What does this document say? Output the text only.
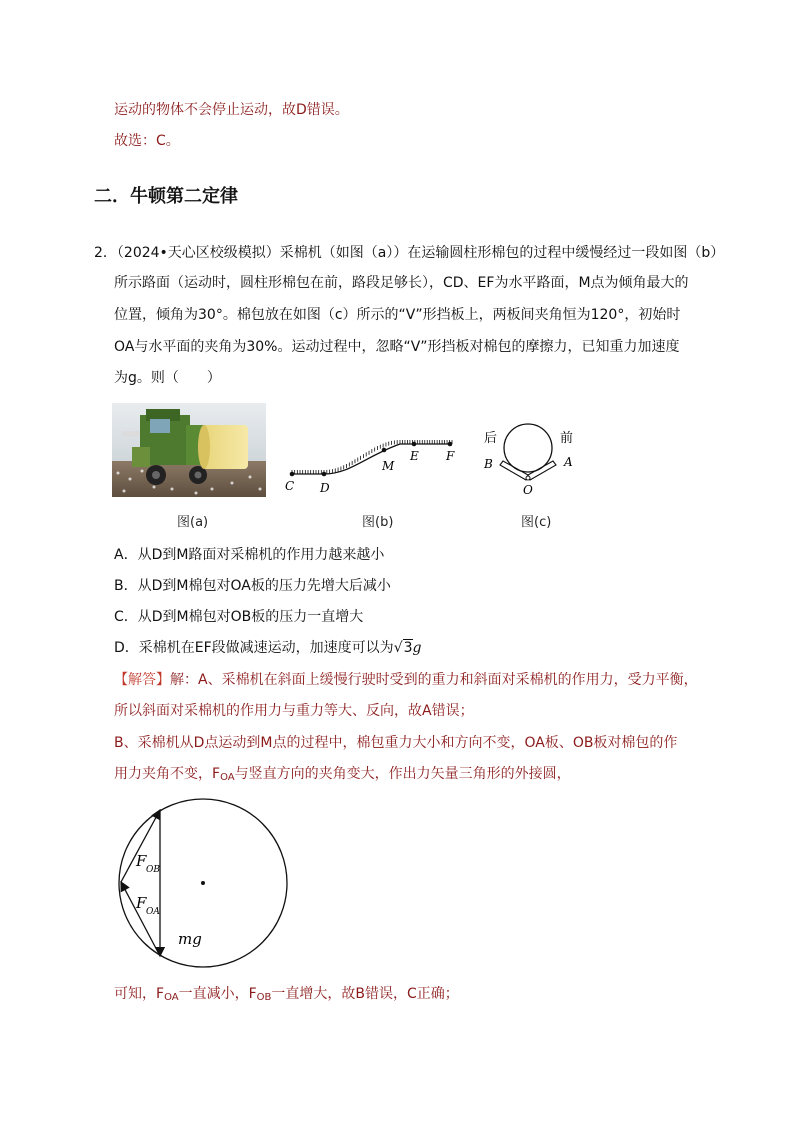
运动的物体不会停止运动，故D错误。
故选：C。
二．牛顿第二定律
2．（2024•天心区校级模拟）采棉机（如图（a））在运输圆柱形棉包的过程中缓慢经过一段如图（b）
所示路面（运动时，圆柱形棉包在前，路段足够长），CD、EF为水平路面，M点为倾角最大的
位置，倾角为30°。棉包放在如图（c）所示的“V”形挡板上，两板间夹角恒为120°，初始时
OA与水平面的夹角为30%。运动过程中，忽略“V”形挡板对棉包的摩擦力，已知重力加速度
为g。则（　　）
图(a)
C D
M
E F
图(b)
后	前
B	A
O
图(c)
A．从D到M路面对采棉机的作用力越来越小
B．从D到M棉包对OA板的压力先增大后减小
C．从D到M棉包对OB板的压力一直增大
D．采棉机在EF段做减速运动，加速度可以为√3g
【解答】解：A、采棉机在斜面上缓慢行驶时受到的重力和斜面对采棉机的作用力，受力平衡，
所以斜面对采棉机的作用力与重力等大、反向，故A错误；
B、采棉机从D点运动到M点的过程中，棉包重力大小和方向不变，OA板、OB板对棉包的作
用力夹角不变，$F_{OA}$与竖直方向的夹角变大，作出力矢量三角形的外接圆，
F OB
F OA
mg
可知，$F_{OA}$一直减小，$F_{OB}$一直增大，故B错误，C正确；
